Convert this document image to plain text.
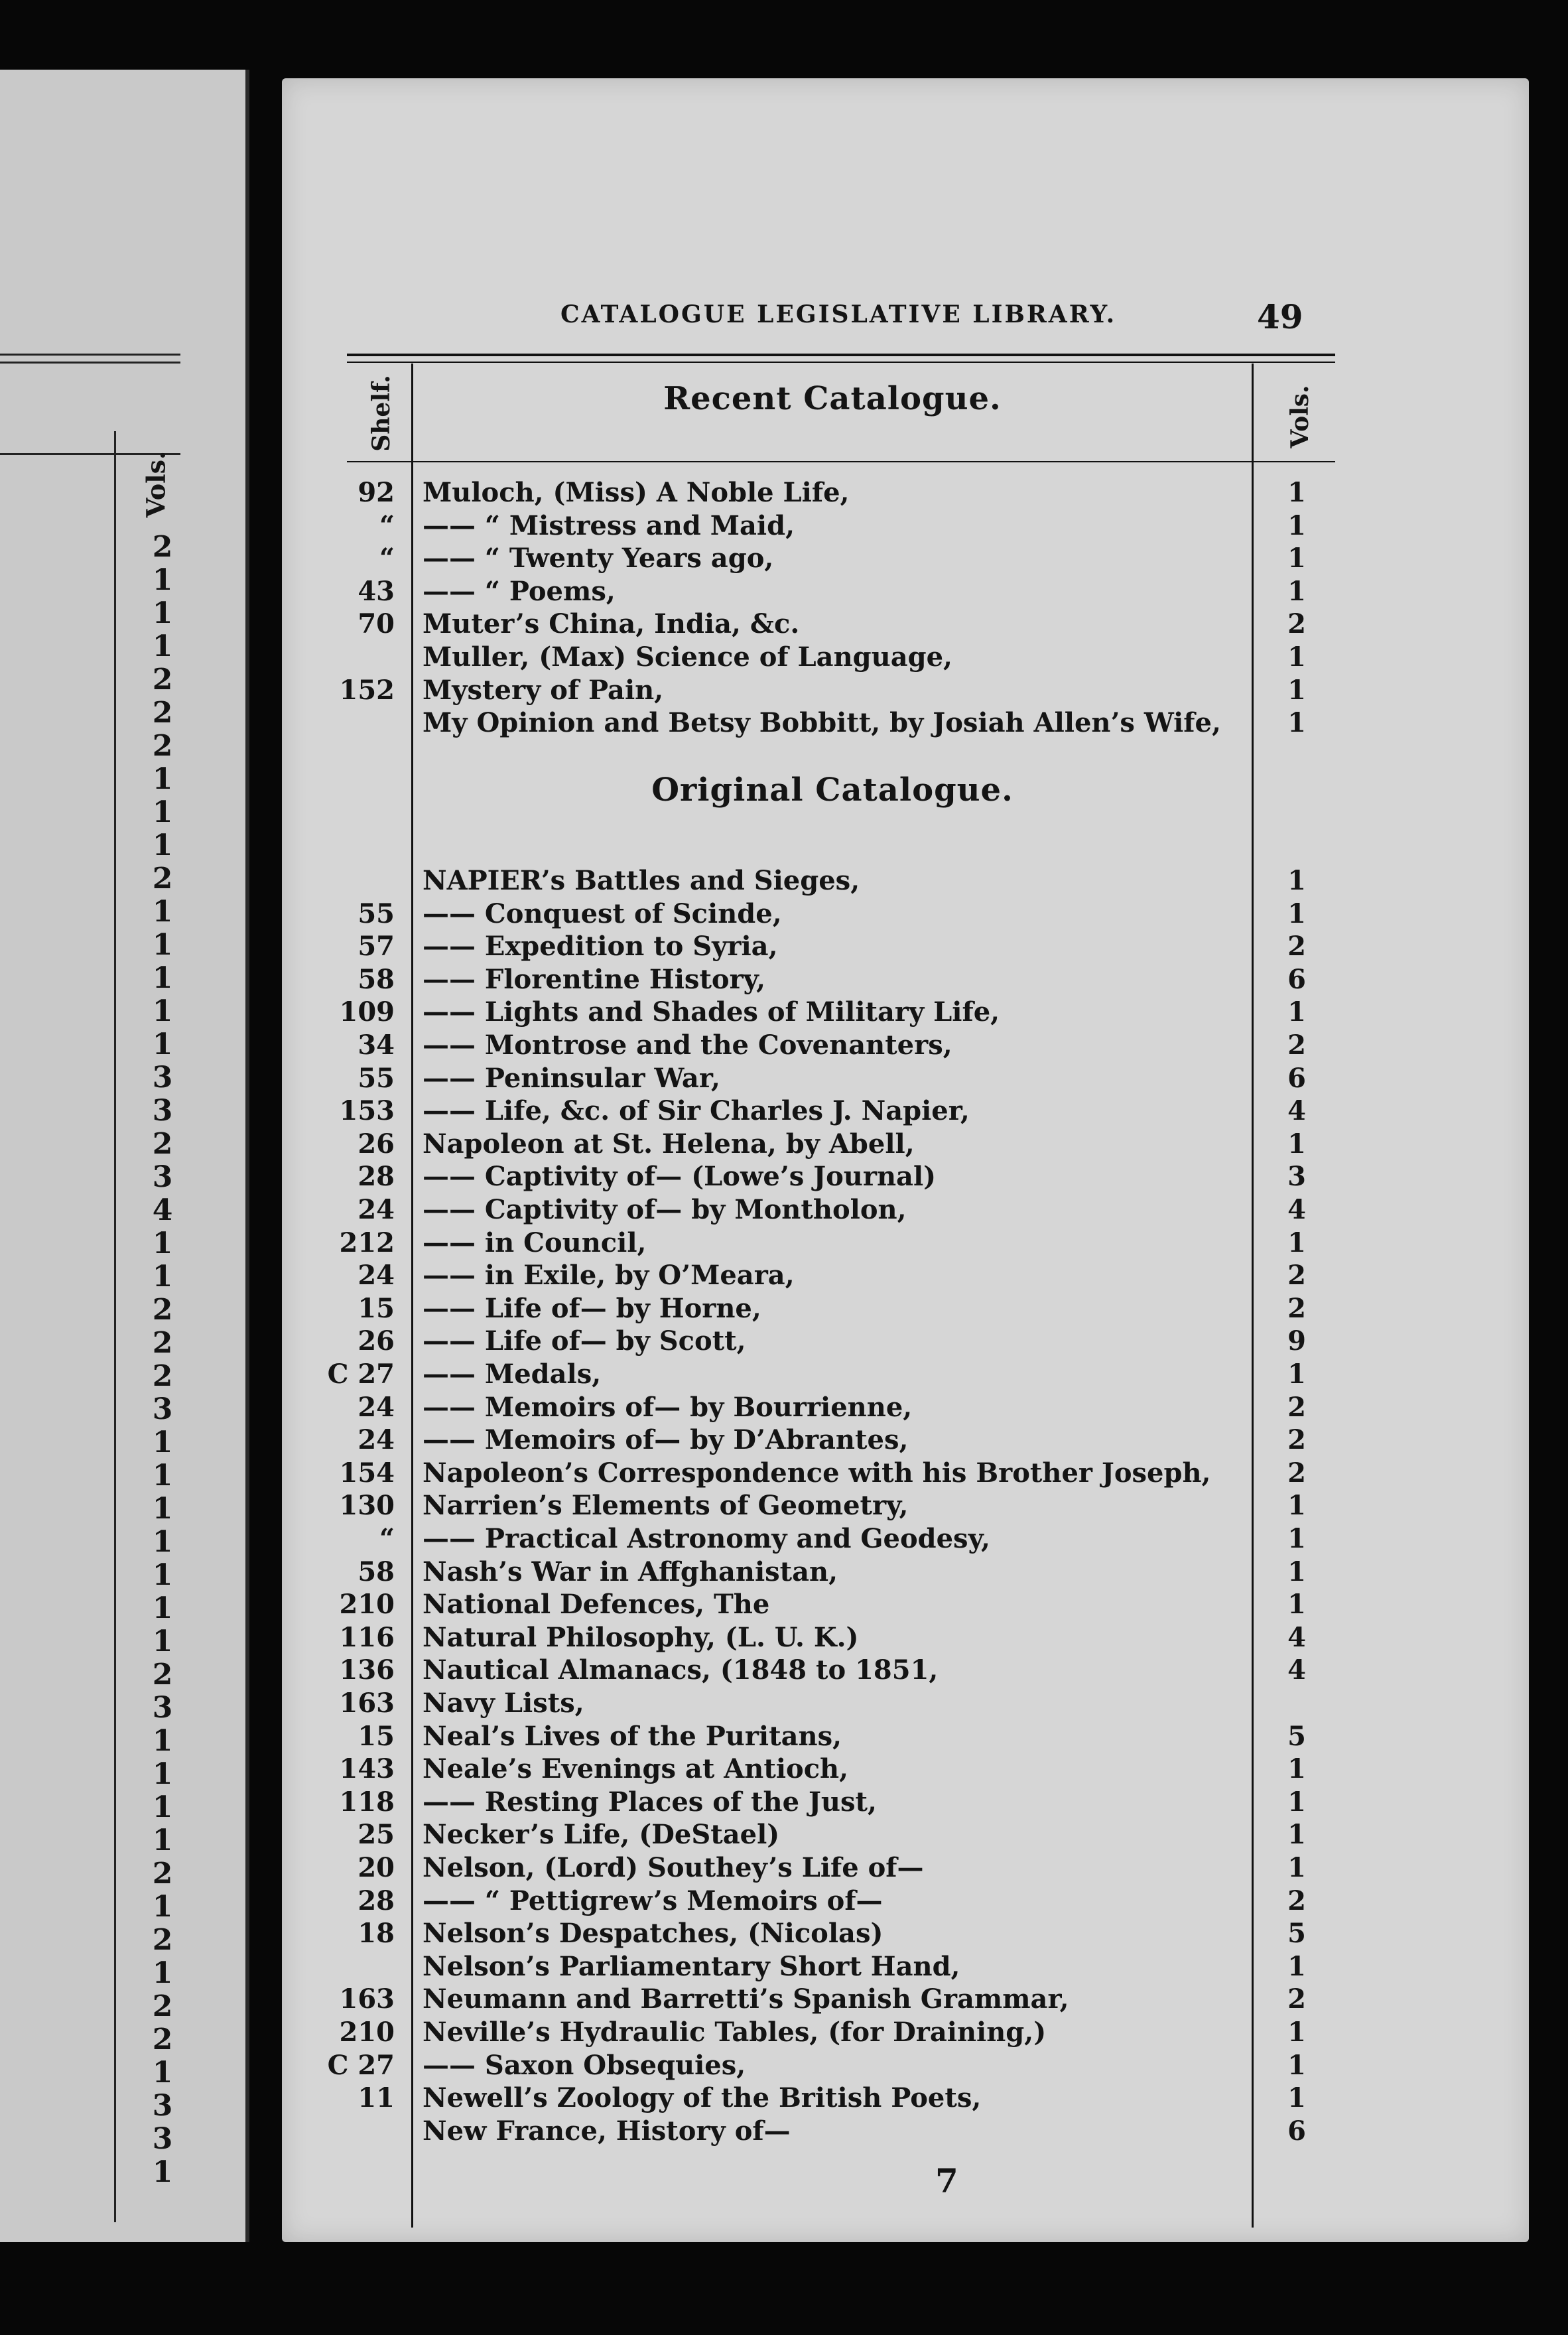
Vols.
2
1
1
1
2
2
2
1
1
1
2
1
1
1
1
1
3
3
2
3
4
1
1
2
2
2
3
1
1
1
1
1
1
1
2
3
1
1
1
1
2
1
2
1
2
2
1
3
3
1
CATALOGUE LEGISLATIVE LIBRARY.	49
Shelf.	Vols.
Recent Catalogue.
92 Muloch, (Miss) A Noble Life,	1
“ —— “ Mistress and Maid,	1
“ —— “ Twenty Years ago,	1
43 —— “ Poems,	1
70 Muter’s China, India, &c.	2
Muller, (Max) Science of Language,	1
152 Mystery of Pain,	1
My Opinion and Betsy Bobbitt, by Josiah Allen’s Wife,	1
Original Catalogue.
NAPIER’s Battles and Sieges,	1
55 —— Conquest of Scinde,	1
57 —— Expedition to Syria,	2
58 —— Florentine History,	6
109 —— Lights and Shades of Military Life,	1
34 —— Montrose and the Covenanters,	2
55 —— Peninsular War,	6
153 —— Life, &c. of Sir Charles J. Napier,	4
26 Napoleon at St. Helena, by Abell,	1
28 —— Captivity of— (Lowe’s Journal)	3
24 —— Captivity of— by Montholon,	4
212 —— in Council,	1
24 —— in Exile, by O’Meara,	2
15 —— Life of— by Horne,	2
26 —— Life of— by Scott,	9
C 27 —— Medals,	1
24 —— Memoirs of— by Bourrienne,	2
24 —— Memoirs of— by D’Abrantes,	2
154 Napoleon’s Correspondence with his Brother Joseph,	2
130 Narrien’s Elements of Geometry,	1
“ —— Practical Astronomy and Geodesy,	1
58 Nash’s War in Affghanistan,	1
210 National Defences, The	1
116 Natural Philosophy, (L. U. K.)	4
136 Nautical Almanacs, (1848 to 1851,	4
163 Navy Lists,
15 Neal’s Lives of the Puritans,	5
143 Neale’s Evenings at Antioch,	1
118 —— Resting Places of the Just,	1
25 Necker’s Life, (DeStael)	1
20 Nelson, (Lord) Southey’s Life of—	1
28 —— “ Pettigrew’s Memoirs of—	2
18 Nelson’s Despatches, (Nicolas)	5
Nelson’s Parliamentary Short Hand,	1
163 Neumann and Barretti’s Spanish Grammar,	2
210 Neville’s Hydraulic Tables, (for Draining,)	1
C 27 —— Saxon Obsequies,	1
11 Newell’s Zoology of the British Poets,	1
New France, History of—	6
7
